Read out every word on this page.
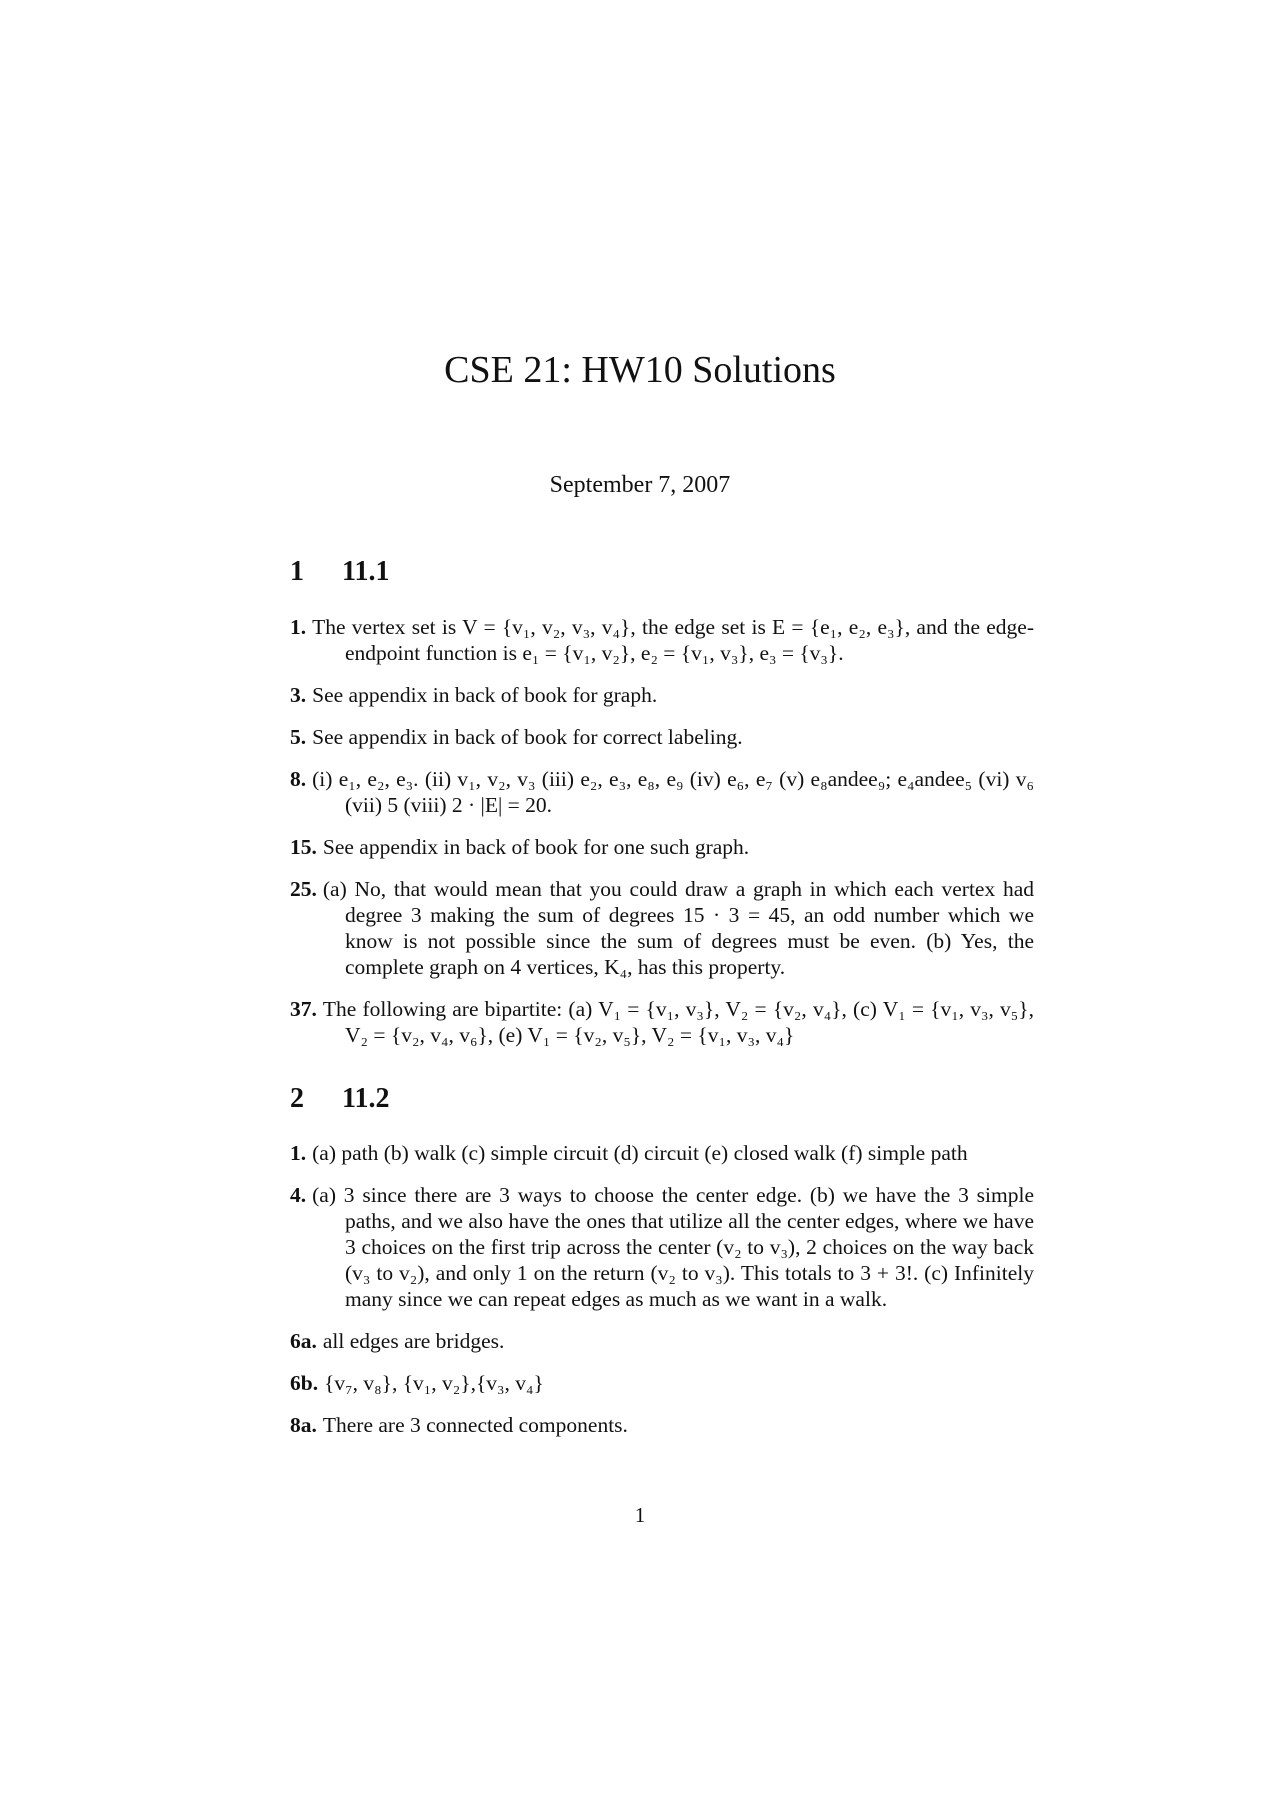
CSE 21: HW10 Solutions
September 7, 2007
1 11.1
1. The vertex set is V = {v₁, v₂, v₃, v₄}, the edge set is E = {e₁, e₂, e₃}, and the edge-endpoint function is e₁ = {v₁, v₂}, e₂ = {v₁, v₃}, e₃ = {v₃}.
3. See appendix in back of book for graph.
5. See appendix in back of book for correct labeling.
8. (i) e₁, e₂, e₃. (ii) v₁, v₂, v₃ (iii) e₂, e₃, e₈, e₉ (iv) e₆, e₇ (v) e₈andee₉; e₄andee₅ (vi) v₆ (vii) 5 (viii) 2 · |E| = 20.
15. See appendix in back of book for one such graph.
25. (a) No, that would mean that you could draw a graph in which each vertex had degree 3 making the sum of degrees 15 · 3 = 45, an odd number which we know is not possible since the sum of degrees must be even. (b) Yes, the complete graph on 4 vertices, K₄, has this property.
37. The following are bipartite: (a) V₁ = {v₁, v₃}, V₂ = {v₂, v₄}, (c) V₁ = {v₁, v₃, v₅}, V₂ = {v₂, v₄, v₆}, (e) V₁ = {v₂, v₅}, V₂ = {v₁, v₃, v₄}
2 11.2
1. (a) path (b) walk (c) simple circuit (d) circuit (e) closed walk (f) simple path
4. (a) 3 since there are 3 ways to choose the center edge. (b) we have the 3 simple paths, and we also have the ones that utilize all the center edges, where we have 3 choices on the first trip across the center (v₂ to v₃), 2 choices on the way back (v₃ to v₂), and only 1 on the return (v₂ to v₃). This totals to 3 + 3!. (c) Infinitely many since we can repeat edges as much as we want in a walk.
6a. all edges are bridges.
6b. {v₇, v₈}, {v₁, v₂},{v₃, v₄}
8a. There are 3 connected components.
1
